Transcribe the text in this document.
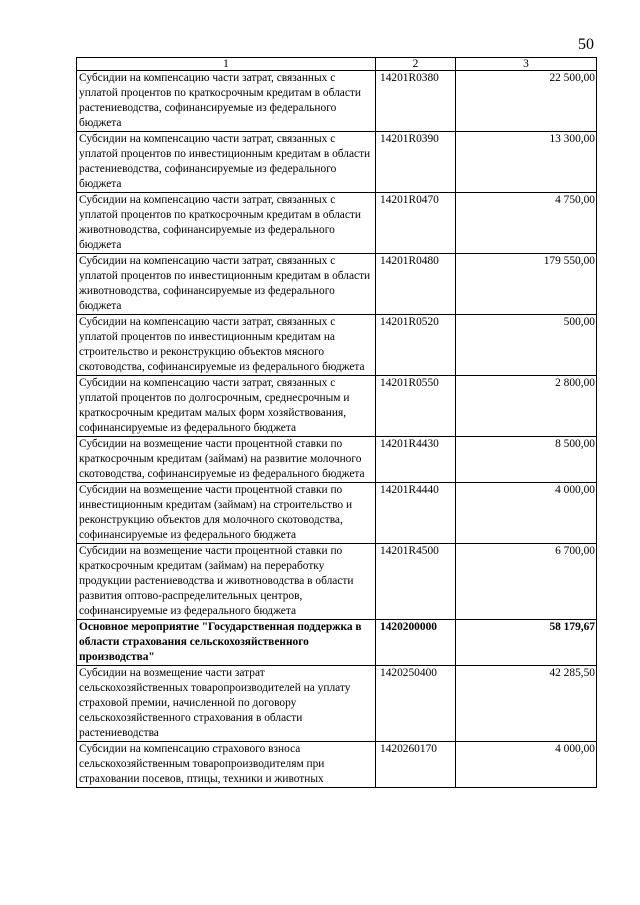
50
1	2	3
Субсидии на компенсацию части затрат, связанных с уплатой процентов по краткосрочным кредитам в области растениеводства, софинансируемые из федерального бюджета	14201R0380	22 500,00
Субсидии на компенсацию части затрат, связанных с уплатой процентов по инвестиционным кредитам в области растениеводства, софинансируемые из федерального бюджета	14201R0390	13 300,00
Субсидии на компенсацию части затрат, связанных с уплатой процентов по краткосрочным кредитам в области животноводства, софинансируемые из федерального бюджета	14201R0470	4 750,00
Субсидии на компенсацию части затрат, связанных с уплатой процентов по инвестиционным кредитам в области животноводства, софинансируемые из федерального бюджета	14201R0480	179 550,00
Субсидии на компенсацию части затрат, связанных с уплатой процентов по инвестиционным кредитам на строительство и реконструкцию объектов мясного скотоводства, софинансируемые из федерального бюджета	14201R0520	500,00
Субсидии на компенсацию части затрат, связанных с уплатой процентов по долгосрочным, среднесрочным и краткосрочным кредитам малых форм хозяйствования, софинансируемые из федерального бюджета	14201R0550	2 800,00
Субсидии на возмещение части процентной ставки по краткосрочным кредитам (займам) на развитие молочного скотоводства, софинансируемые из федерального бюджета	14201R4430	8 500,00
Субсидии на возмещение части процентной ставки по инвестиционным кредитам (займам) на строительство и реконструкцию объектов для молочного скотоводства, софинансируемые из федерального бюджета	14201R4440	4 000,00
Субсидии на возмещение части процентной ставки по краткосрочным кредитам (займам) на переработку продукции растениеводства и животноводства в области развития оптово-распределительных центров, софинансируемые из федерального бюджета	14201R4500	6 700,00
Основное мероприятие "Государственная поддержка в области страхования сельскохозяйственного производства"	1420200000	58 179,67
Субсидии на возмещение части затрат сельскохозяйственных товаропроизводителей на уплату страховой премии, начисленной по договору сельскохозяйственного страхования в области растениеводства	1420250400	42 285,50
Субсидии на компенсацию страхового взноса сельскохозяйственным товаропроизводителям при страховании посевов, птицы, техники и животных	1420260170	4 000,00
